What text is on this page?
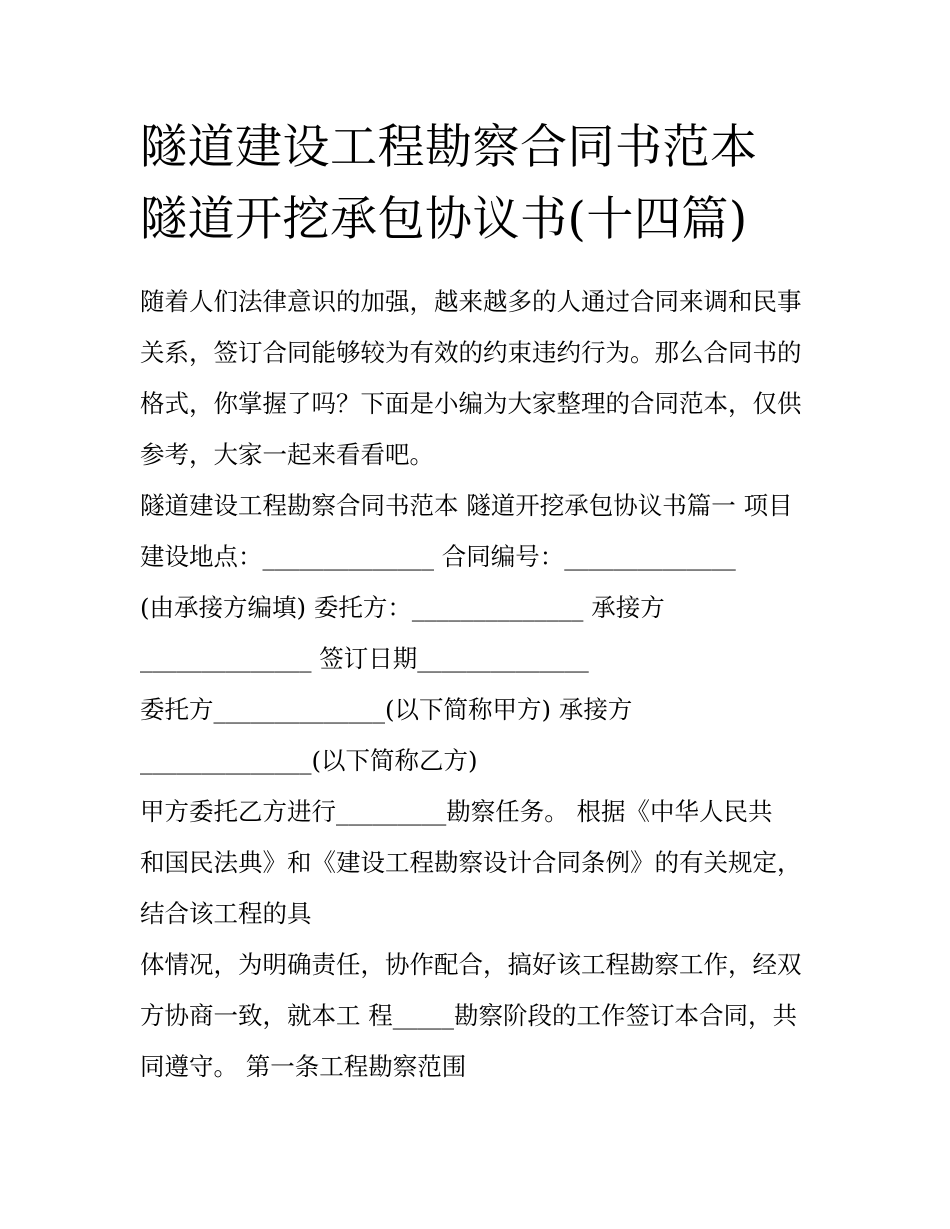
隧道建设工程勘察合同书范本
隧道开挖承包协议书(十四篇)
随着人们法律意识的加强，越来越多的人通过合同来调和民事
关系，签订合同能够较为有效的约束违约行为。那么合同书的
格式，你掌握了吗？下面是小编为大家整理的合同范本，仅供
参考，大家一起来看看吧。
隧道建设工程勘察合同书范本 隧道开挖承包协议书篇一 项目
建设地点：______________ 合同编号：______________
(由承接方编填) 委托方：______________ 承接方
______________ 签订日期______________
委托方______________(以下简称甲方) 承接方
______________(以下简称乙方)
甲方委托乙方进行_________勘察任务。 根据《中华人民共
和国民法典》和《建设工程勘察设计合同条例》的有关规定，
结合该工程的具
体情况，为明确责任，协作配合，搞好该工程勘察工作，经双
方协商一致，就本工 程_____勘察阶段的工作签订本合同，共
同遵守。 第一条工程勘察范围
